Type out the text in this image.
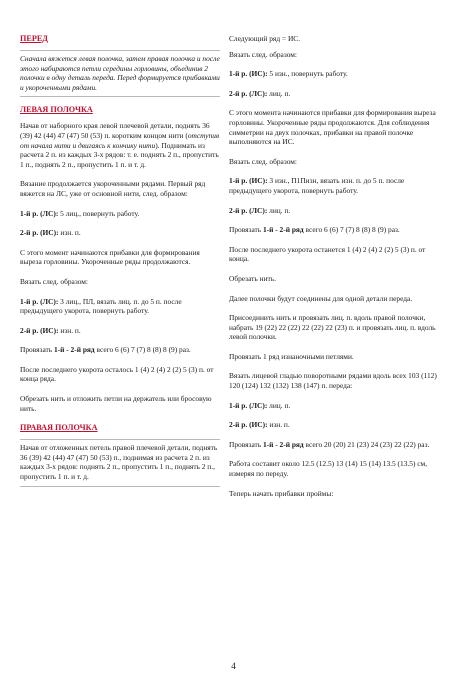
ПЕРЕД
Сначала вяжется левая полочка, затем правая полочка и после этого набираются петли середины горловины, объединив 2 полочки в одну деталь переда. Перед формируется прибавками и укороченными рядами.
ЛЕВАЯ ПОЛОЧКА

Начав от наборного края левой плечевой детали, поднять 36 (39) 42 (44) 47 (47) 50 (53) п. коротким концом нити (отступив от начала нити и двигаясь к кончику нити). Поднимать из расчета 2 п. из каждых 3-х рядов: т. е. поднять 2 п., пропустить 1 п., поднять 2 п., пропустить 1 п. и т. д.

Вязание продолжается укороченными рядами. Первый ряд вяжется на ЛС, уже от основной нити, след. образом:

1-й р. (ЛС): 5 лиц., повернуть работу.

2-й р. (ИС): изн. п.

С этого момент начинаются прибавки для формирования выреза горловины. Укороченные ряды продолжаются.

Вязать след. образом:

1-й р. (ЛС): 3 лиц., ПЛ, вязать лиц. п. до 5 п. после предыдущего укорота, повернуть работу.

2-й р. (ИС): изн. п.

Провязать 1-й - 2-й ряд всего 6 (6) 7 (7) 8 (8) 8 (9) раз.

После последнего укорота осталось 1 (4) 2 (4) 2 (2) 5 (3) п. от конца ряда.

Обрезать нить и отложить петли на держатель или бросовую нить.

ПРАВАЯ ПОЛОЧКА
Начав от отложенных петель правой плечевой детали, поднять 36 (39) 42 (44) 47 (47) 50 (53) п., поднимая из расчета 2 п. из каждых 3-х рядов: поднять 2 п., пропустить 1 п., поднять 2 п., пропустить 1 п. и т. д.

Следующий ряд = ИС.

Вязать след. образом:

1-й р. (ИС): 5 изн., повернуть работу.

2-й р. (ЛС): лиц. п.

С этого момента начинаются прибавки для формирования выреза горловины. Укороченные ряды продолжаются. Для соблюдения симметрии на двух полочках, прибавки на правой полочке выполняются на ИС.

Вязать след. образом:

1-й р. (ИС): 3 изн., П1Пизн, вязать изн. п. до 5 п. после предыдущего укорота, повернуть работу.

2-й р. (ЛС): лиц. п.

Провязать 1-й - 2-й ряд всего 6 (6) 7 (7) 8 (8) 8 (9) раз.

После последнего укорота останется 1 (4) 2 (4) 2 (2) 5 (3) п. от конца.

Обрезать нить.

Далее полочки будут соединены для одной детали переда.

Присоединить нить и провязать лиц. п. вдоль правой полочки, набрать 19 (22) 22 (22) 22 (22) 22 (23) п. и провязать лиц. п. вдоль левой полочки.

Провязать 1 ряд изнаночными петлями.

Вязать лицевой гладью поворотными рядами вдоль всех 103 (112) 120 (124) 132 (132) 138 (147) п. переда:

1-й р. (ЛС): лиц. п.

2-й р. (ИС): изн. п.

Провязать 1-й - 2-й ряд всего 20 (20) 21 (23) 24 (23) 22 (22) раз.

Работа составит около 12.5 (12.5) 13 (14) 15 (14) 13.5 (13.5) см, измеряя по переду.

Теперь начать прибавки проймы:

4
